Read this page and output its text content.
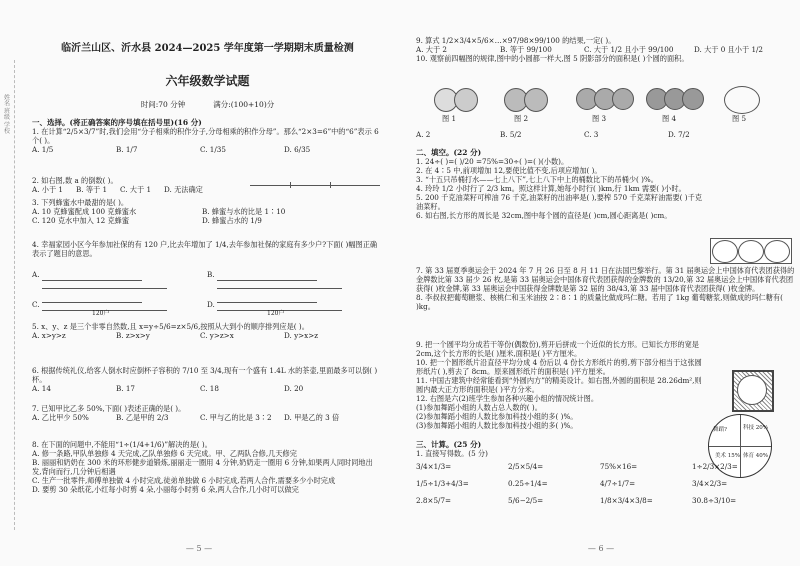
姓名 班级 学校
临沂兰山区、沂水县 2024—2025 学年度第一学期期末质量检测
六年级数学试题
时间:70 分钟	满分:(100+10)分
一、选择。(将正确答案的序号填在括号里)(16 分)
1. 在计算“2/5×3/7”时,我们会用“分子相乘的积作分子,分母相乘的积作分母”。那么“2×3=6”中的“6”表示 6 个( )。
A. 1/5	B. 1/7	C. 1/35	D. 6/35
2. 如右图,数 a 的倒数( )。
A. 小于 1 B. 等于 1 C. 大于 1 D. 无法确定
3. 下列蜂蜜水中最甜的是( )。
A. 10 克蜂蜜配成 100 克蜂蜜水	B. 蜂蜜与水的比是 1∶10
C. 120 克水中加入 12 克蜂蜜	D. 蜂蜜占水的 1/9
4. 幸福家园小区今年参加社保的有 120 户,比去年增加了 1/4,去年参加社保的家庭有多少户?下面( )幅图正确表示了题目的意思。
A.
C.
120户
B.
D.
120户
5. x、y、z 是三个非零自然数,且 x=y÷5/6=z×5/6,按照从大到小的顺序排列应是( )。
A. x>y>z	B. z>x>y	C. y>z>x	D. y>x>z
6. 根据传统礼仪,给客人倒水时应倒杯子容积的 7/10 至 3/4,现有一个盛有 1.4L 水的茶壶,里面最多可以倒( )杯。
A. 14	B. 17	C. 18	D. 20
7. 已知甲比乙多 50%,下面( )表述正确的是( )。
A. 乙比甲少 50%	B. 乙是甲的 2/3	C. 甲与乙的比是 3∶2 D. 甲是乙的 3 倍
8. 在下面的问题中,不能用“1÷(1/4+1/6)”解决的是( )。
A. 修一条路,甲队单独修 4 天完成,乙队单独修 6 天完成。甲、乙两队合修,几天修完
B. 丽丽和奶奶在 300 米的环形健步道锻炼,丽丽走一圈用 4 分钟,奶奶走一圈用 6 分钟,如果两人同时同地出发,背向而行,几分钟后相遇
C. 生产一批零件,师傅单独做 4 小时完成,徒弟单独做 6 小时完成,若两人合作,需要多少小时完成
D. 要剪 30 朵纸花,小红每小时剪 4 朵,小丽每小时剪 6 朵,两人合作,几小时可以做完
— 5 —
9. 算式 1/2×3/4×5/6×…×97/98×99/100 的结果,一定( )。
A. 大于 2	B. 等于 99/100	C. 大于 1/2 且小于 99/100	D. 大于 0 且小于 1/2
10. 观察前四幅图的规律,图中的小圆都一样大,图 5 阴影部分的面积是( )个圆的面积。
图 1	图 2	图 3	图 4	图 5
A. 2	B. 5/2	C. 3	D. 7/2
二、填空。(22 分)
1. 24÷( )=( )/20 =75%=30÷( )=( )(小数)。
2. 在 4∶5 中,前项增加 12,要使比值不变,后项应增加( )。
3. “十五只吊桶打水——七上八下”,七上八下中上的桶数比下的吊桶少( )%。
4. 玲玲 1/2 小时行了 2/3 km。照这样计算,她每小时行( )km,行 1km 需要( )小时。
5. 200 千克油菜籽可榨油 76 千克,油菜籽的出油率是( ),要榨 570 千克菜籽油需要( )千克油菜籽。
6. 如右图,长方形的周长是 32cm,图中每个圆的直径是( )cm,圆心距离是( )cm。
7. 第 33 届夏季奥运会于 2024 年 7 月 26 日至 8 月 11 日在法国巴黎举行。第 31 届奥运会上中国体育代表团获得的金牌数比第 33 届少 26 枚,是第 33 届奥运会中国体育代表团获得的金牌数的 13/20,第 32 届奥运会上中国体育代表团获得( )枚金牌,第 33 届奥运会中国获得金牌数是第 32 届的 38/43,第 33 届中国体育代表团获得( )枚金牌。
8. 李叔叔把葡萄糖浆、核桃仁和玉米油按 2∶8∶1 的质量比做成玛仁糖。若用了 1kg 葡萄糖浆,则做成的玛仁糖有( )kg。
9. 把一个圆平均分成若干等份(偶数份),剪开后拼成一个近似的长方形。已知长方形的宽是 2cm,这个长方形的长是( )厘米,面积是( )平方厘米。
10. 把一个圆形纸片沿直径平均分成 4 份后以 4 份长方形纸片的剪,剪下部分相当于这张圆形纸片( ),剪去了 8cm。原来圆形纸片的面积是( )平方厘米。
11. 中国古建筑中经常能看到“外圆内方”的精美设计。如右图,外圆的面积是 28.26dm²,则圆内最大正方形的面积是( )平方分米。
12. 右图是六(2)班学生参加各种兴趣小组的情况统计图。
(1)参加舞蹈小组的人数占总人数的( )。
(2)参加舞蹈小组的人数比参加科技小组的多( )%。
(3)参加舞蹈小组的人数比参加科技小组的多( )%。	舞蹈?	科技 20%
美术 15% 体育 40%
三、计算。(25 分)
1. 直接写得数。(5 分)
3/4×1/3=	2/5×5/4=	75%×16=	1÷2/3×2/3=
1/5÷1/3+4/3=	0.25÷1/4=	4/7÷1/7=	3/4×2/3=
2.8×5/7=	5/6−2/5=	1/8×3/4×3/8=	30.8÷3/10=
— 6 —
